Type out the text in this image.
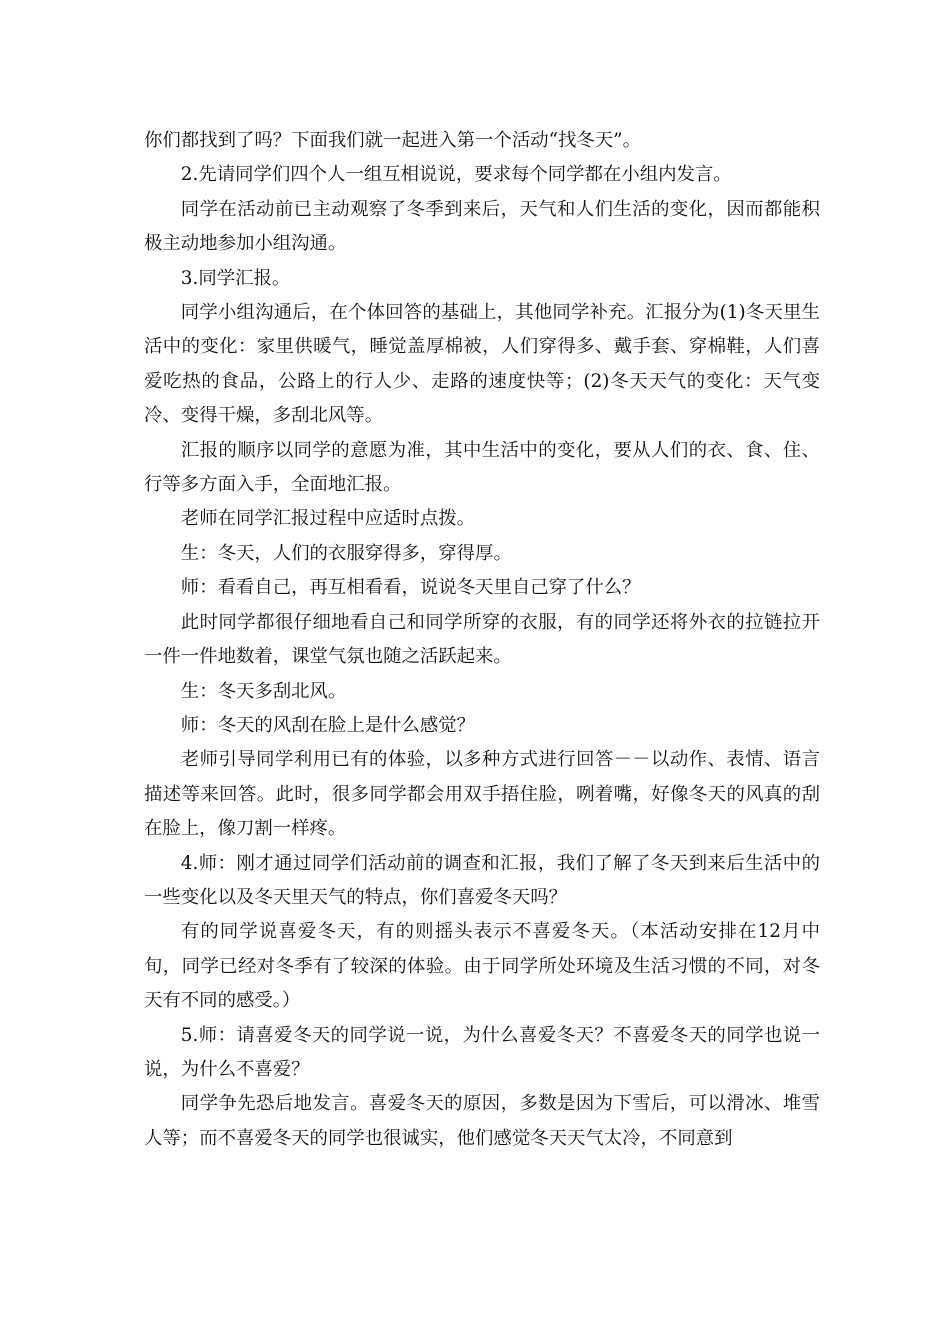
你们都找到了吗？下面我们就一起进入第一个活动“找冬天”。

2.先请同学们四个人一组互相说说，要求每个同学都在小组内发言。

同学在活动前已主动观察了冬季到来后，天气和人们生活的变化，因而都能积极主动地参加小组沟通。

3.同学汇报。

同学小组沟通后，在个体回答的基础上，其他同学补充。汇报分为(1)冬天里生活中的变化：家里供暖气，睡觉盖厚棉被，人们穿得多、戴手套、穿棉鞋，人们喜爱吃热的食品，公路上的行人少、走路的速度快等；(2)冬天天气的变化：天气变冷、变得干燥，多刮北风等。

汇报的顺序以同学的意愿为准，其中生活中的变化，要从人们的衣、食、住、行等多方面入手，全面地汇报。

老师在同学汇报过程中应适时点拨。

生：冬天，人们的衣服穿得多，穿得厚。

师：看看自己，再互相看看，说说冬天里自己穿了什么？

此时同学都很仔细地看自己和同学所穿的衣服，有的同学还将外衣的拉链拉开一件一件地数着，课堂气氛也随之活跃起来。

生：冬天多刮北风。

师：冬天的风刮在脸上是什么感觉？

老师引导同学利用已有的体验，以多种方式进行回答－－以动作、表情、语言描述等来回答。此时，很多同学都会用双手捂住脸，咧着嘴，好像冬天的风真的刮在脸上，像刀割一样疼。

4.师：刚才通过同学们活动前的调查和汇报，我们了解了冬天到来后生活中的一些变化以及冬天里天气的特点，你们喜爱冬天吗？

有的同学说喜爱冬天，有的则摇头表示不喜爱冬天。（本活动安排在12月中旬，同学已经对冬季有了较深的体验。由于同学所处环境及生活习惯的不同，对冬天有不同的感受。）

5.师：请喜爱冬天的同学说一说，为什么喜爱冬天？不喜爱冬天的同学也说一说，为什么不喜爱？

同学争先恐后地发言。喜爱冬天的原因，多数是因为下雪后，可以滑冰、堆雪人等；而不喜爱冬天的同学也很诚实，他们感觉冬天天气太冷，不同意到
